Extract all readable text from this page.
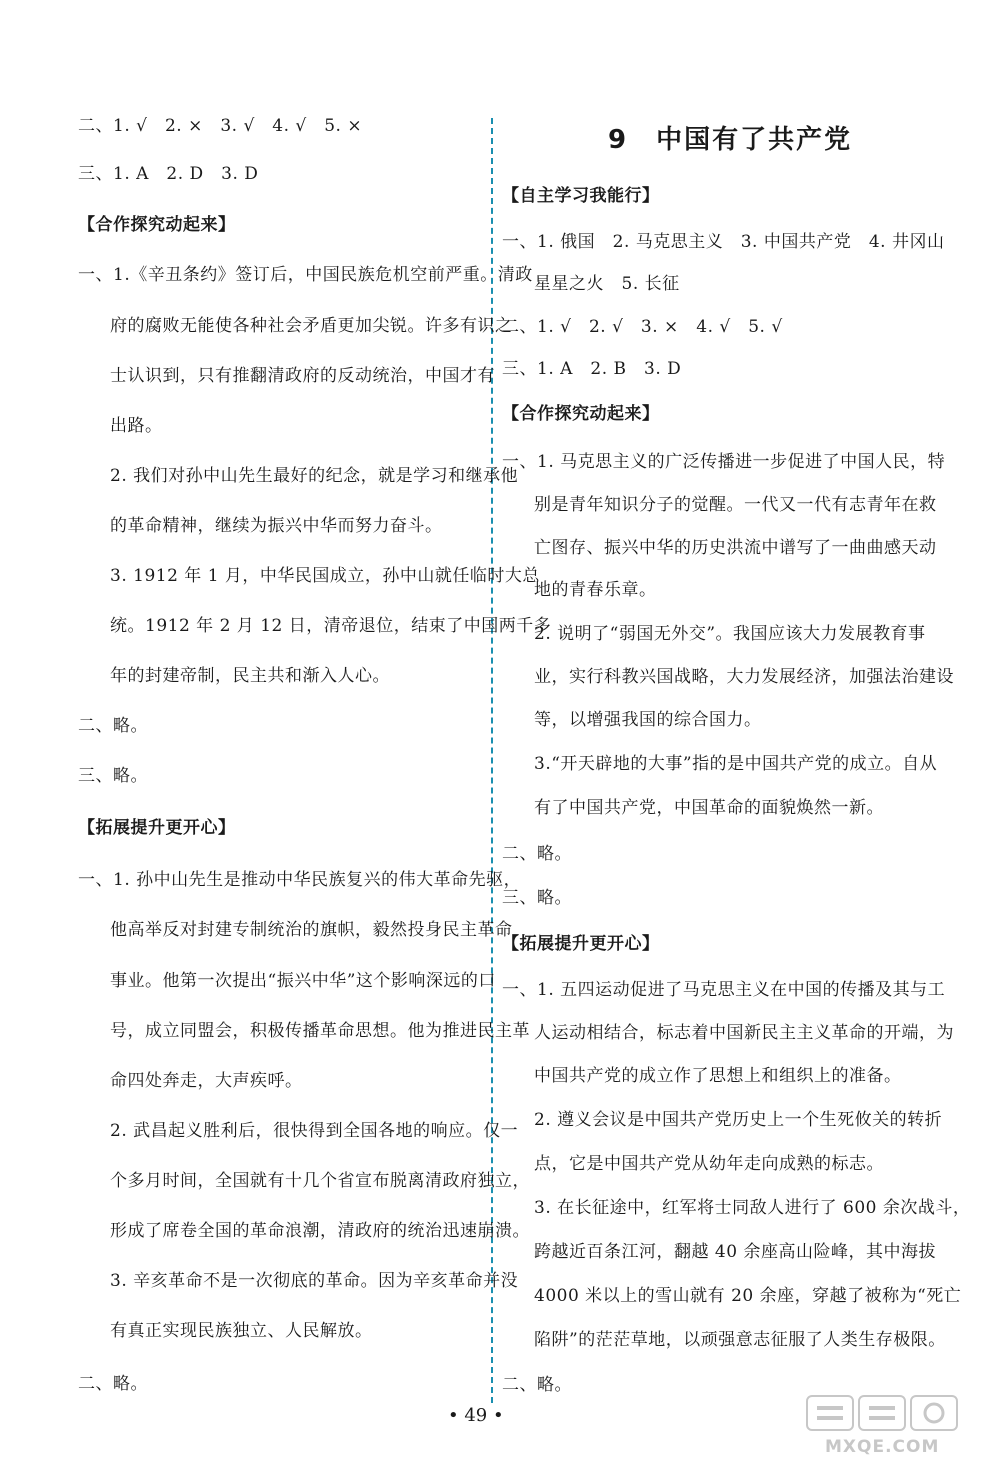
二、1. √　2. ×　3. √　4. √　5. ×
三、1. A　2. D　3. D
【合作探究动起来】
一、1.《辛丑条约》签订后，中国民族危机空前严重。清政
府的腐败无能使各种社会矛盾更加尖锐。许多有识之
士认识到，只有推翻清政府的反动统治，中国才有
出路。
2. 我们对孙中山先生最好的纪念，就是学习和继承他
的革命精神，继续为振兴中华而努力奋斗。
3. 1912 年 1 月，中华民国成立，孙中山就任临时大总
统。1912 年 2 月 12 日，清帝退位，结束了中国两千多
年的封建帝制，民主共和渐入人心。
二、略。
三、略。
【拓展提升更开心】
一、1. 孙中山先生是推动中华民族复兴的伟大革命先驱，
他高举反对封建专制统治的旗帜，毅然投身民主革命
事业。他第一次提出“振兴中华”这个影响深远的口
号，成立同盟会，积极传播革命思想。他为推进民主革
命四处奔走，大声疾呼。
2. 武昌起义胜利后，很快得到全国各地的响应。仅一
个多月时间，全国就有十几个省宣布脱离清政府独立，
形成了席卷全国的革命浪潮，清政府的统治迅速崩溃。
3. 辛亥革命不是一次彻底的革命。因为辛亥革命并没
有真正实现民族独立、人民解放。
二、略。
9　中国有了共产党
【自主学习我能行】
一、1. 俄国　2. 马克思主义　3. 中国共产党　4. 井冈山
星星之火　5. 长征
二、1. √　2. √　3. ×　4. √　5. √
三、1. A　2. B　3. D
【合作探究动起来】
一、1. 马克思主义的广泛传播进一步促进了中国人民，特
别是青年知识分子的觉醒。一代又一代有志青年在救
亡图存、振兴中华的历史洪流中谱写了一曲曲感天动
地的青春乐章。
2. 说明了“弱国无外交”。我国应该大力发展教育事
业，实行科教兴国战略，大力发展经济，加强法治建设
等，以增强我国的综合国力。
3.“开天辟地的大事”指的是中国共产党的成立。自从
有了中国共产党，中国革命的面貌焕然一新。
二、略。
三、略。
【拓展提升更开心】
一、1. 五四运动促进了马克思主义在中国的传播及其与工
人运动相结合，标志着中国新民主主义革命的开端，为
中国共产党的成立作了思想上和组织上的准备。
2. 遵义会议是中国共产党历史上一个生死攸关的转折
点，它是中国共产党从幼年走向成熟的标志。
3. 在长征途中，红军将士同敌人进行了 600 余次战斗，
跨越近百条江河，翻越 40 余座高山险峰，其中海拔
4000 米以上的雪山就有 20 余座，穿越了被称为“死亡
陷阱”的茫茫草地，以顽强意志征服了人类生存极限。
二、略。
• 49 •
MXQE.COM
